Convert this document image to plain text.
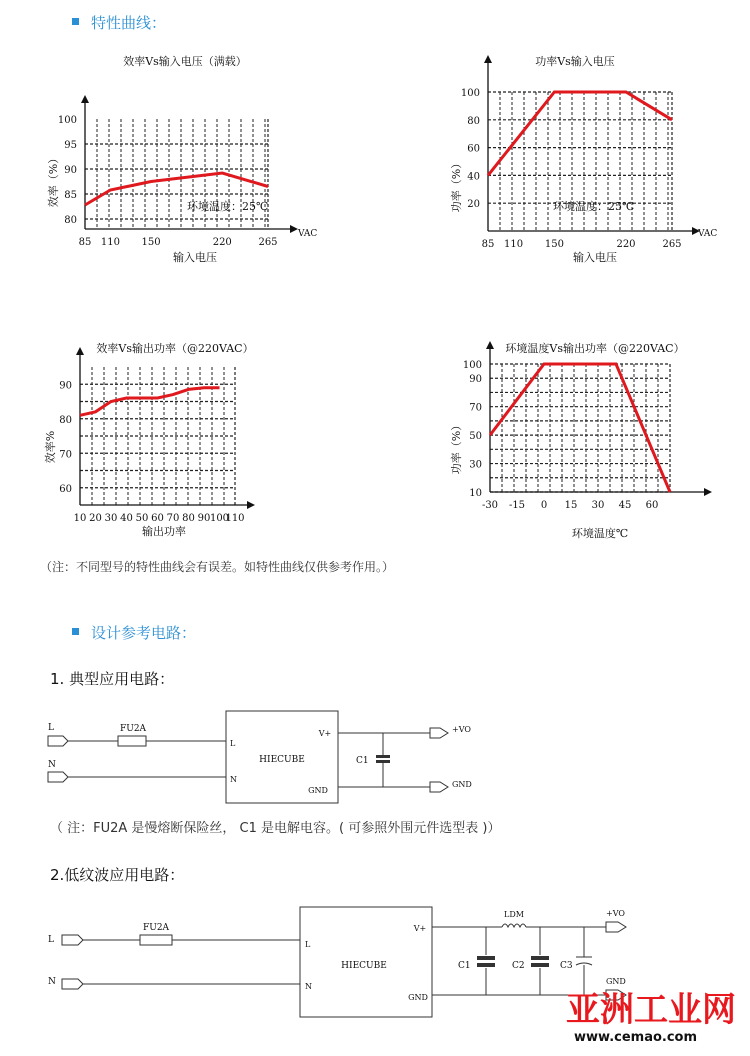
特性曲线：
效率Vs输入电压（满载）
85 110 150	220	265
80
85
90
95
100
环境温度：25℃
VAC
输入电压
效率（%）
功率Vs输入电压
85 110 150	220	265
20
40
60
80
100
环境温度：25℃
VAC
输入电压
功率（%）
效率Vs输出功率（@220VAC）
10 20 30 40 50 60 70 80 90 100
110
60
70
80
90
输出功率
效率%
环境温度Vs输出功率（@220VAC）
-30 -15 0 15 30 45 60
10
30
50
70
90
100
环境温度℃
功率（%）
（注：不同型号的特性曲线会有误差。如特性曲线仅供参考作用。）
设计参考电路：
1. 典型应用电路：
L
N
FU2A
L
N
V+
GND
HIECUBE	C1
+VO
GND
（ 注：FU2A 是慢熔断保险丝， C1 是电解电容。( 可参照外围元件选型表 )）
2.低纹波应用电路：
L
N
FU2A
L
N
V+
GND
HIECUBE
LDM
C1	C2	C3
+VO
GND
亚洲工业网
www.cemao.com
